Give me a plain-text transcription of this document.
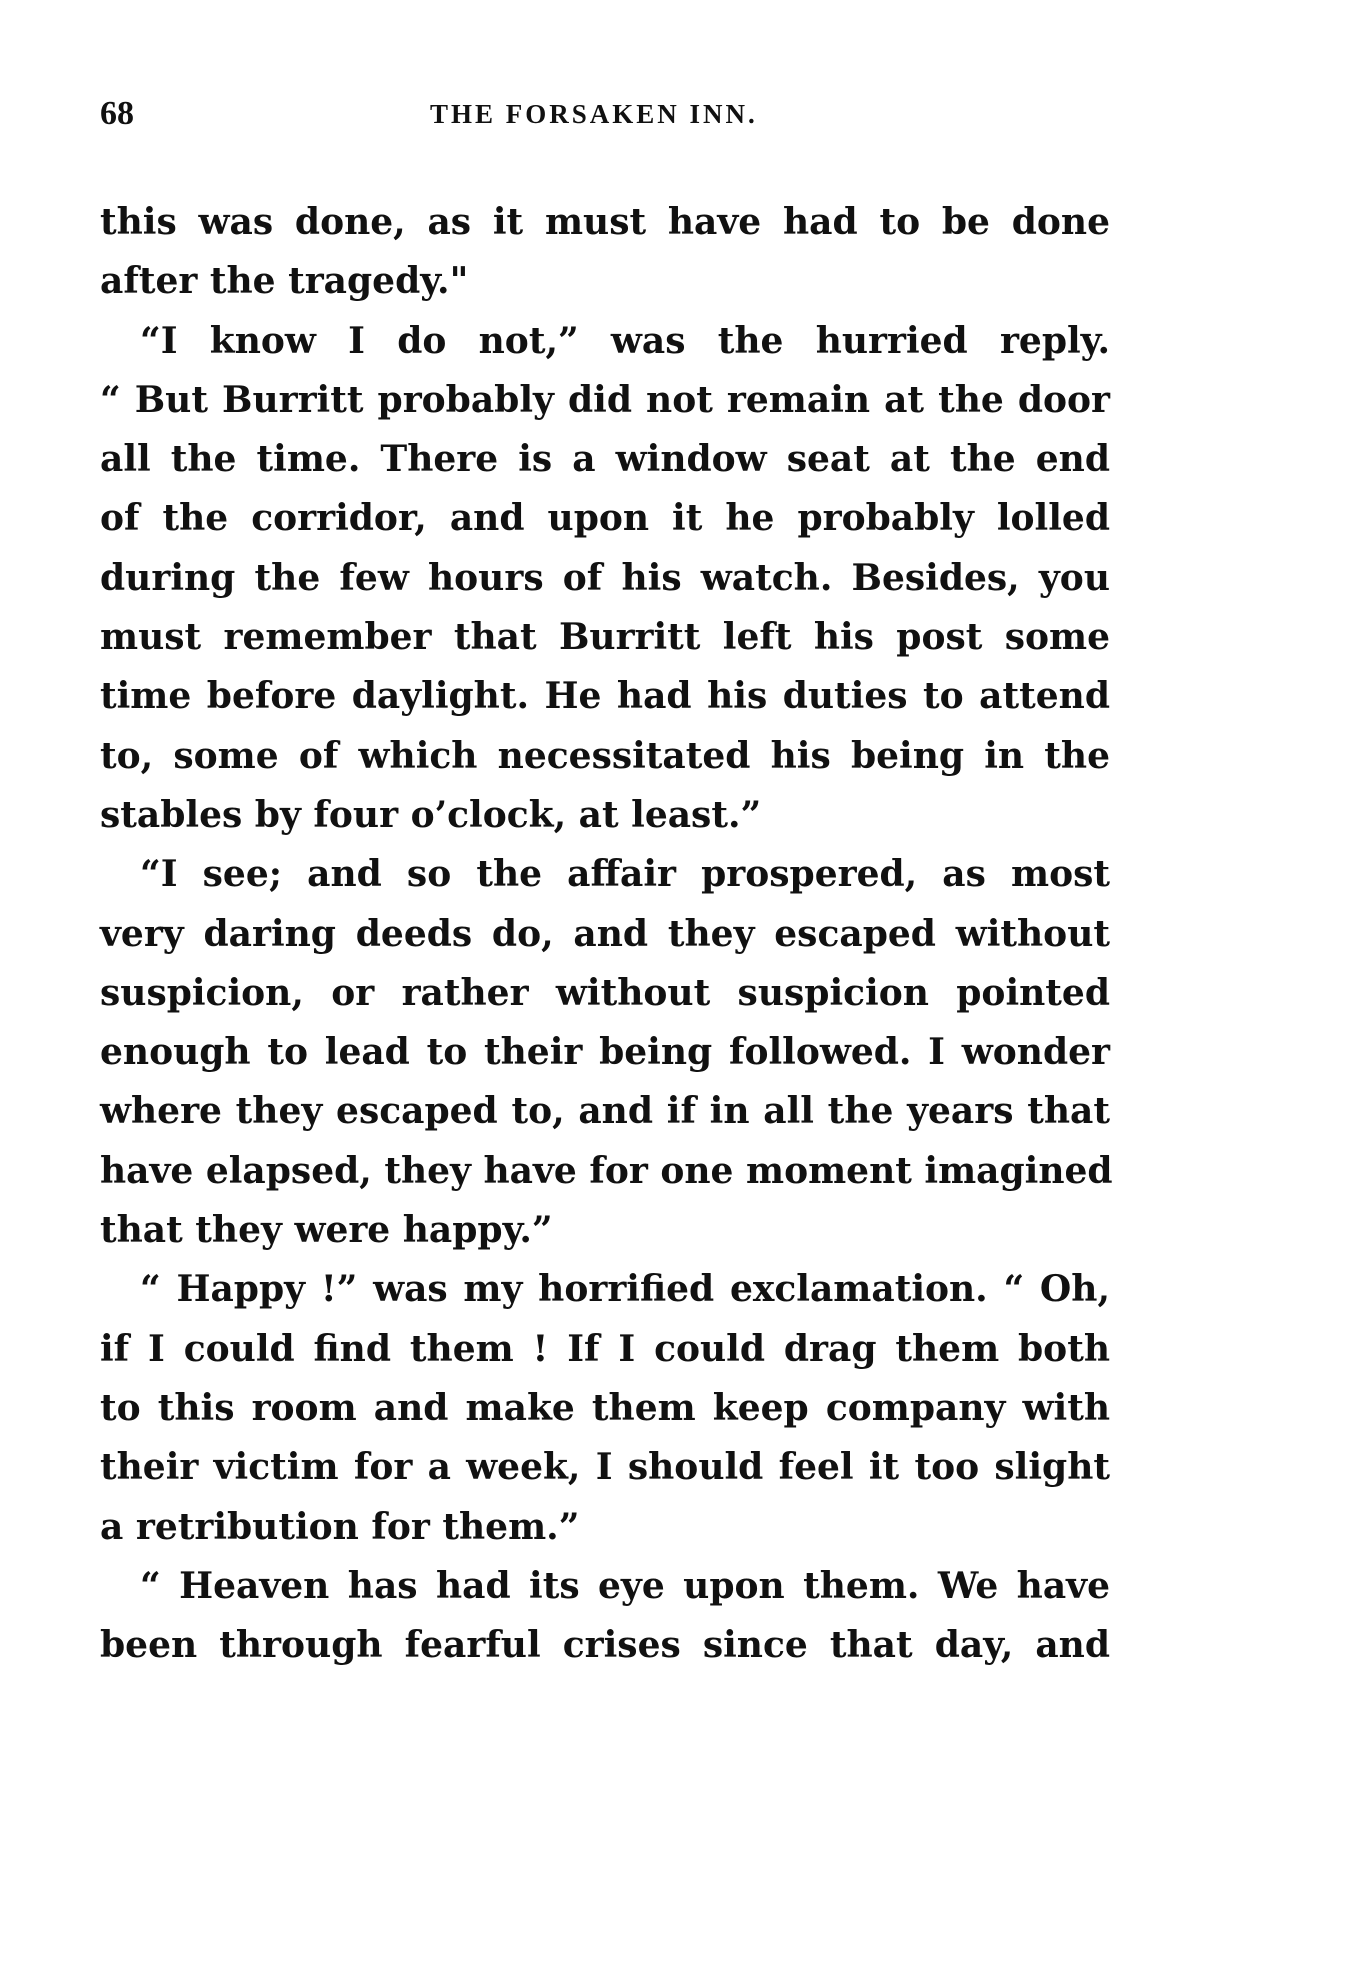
68	THE FORSAKEN INN.
this was done, as it must have had to be done
after the tragedy."
“I know I do not,” was the hurried reply.
“ But Burritt probably did not remain at the door
all the time. There is a window seat at the end
of the corridor, and upon it he probably lolled
during the few hours of his watch. Besides, you
must remember that Burritt left his post some
time before daylight. He had his duties to attend
to, some of which necessitated his being in the
stables by four o’clock, at least.”
“I see; and so the affair prospered, as most
very daring deeds do, and they escaped without
suspicion, or rather without suspicion pointed
enough to lead to their being followed. I wonder
where they escaped to, and if in all the years that
have elapsed, they have for one moment imagined
that they were happy.”
“ Happy !” was my horrified exclamation. “ Oh,
if I could find them ! If I could drag them both
to this room and make them keep company with
their victim for a week, I should feel it too slight
a retribution for them.”
“ Heaven has had its eye upon them. We have
been through fearful crises since that day, and
